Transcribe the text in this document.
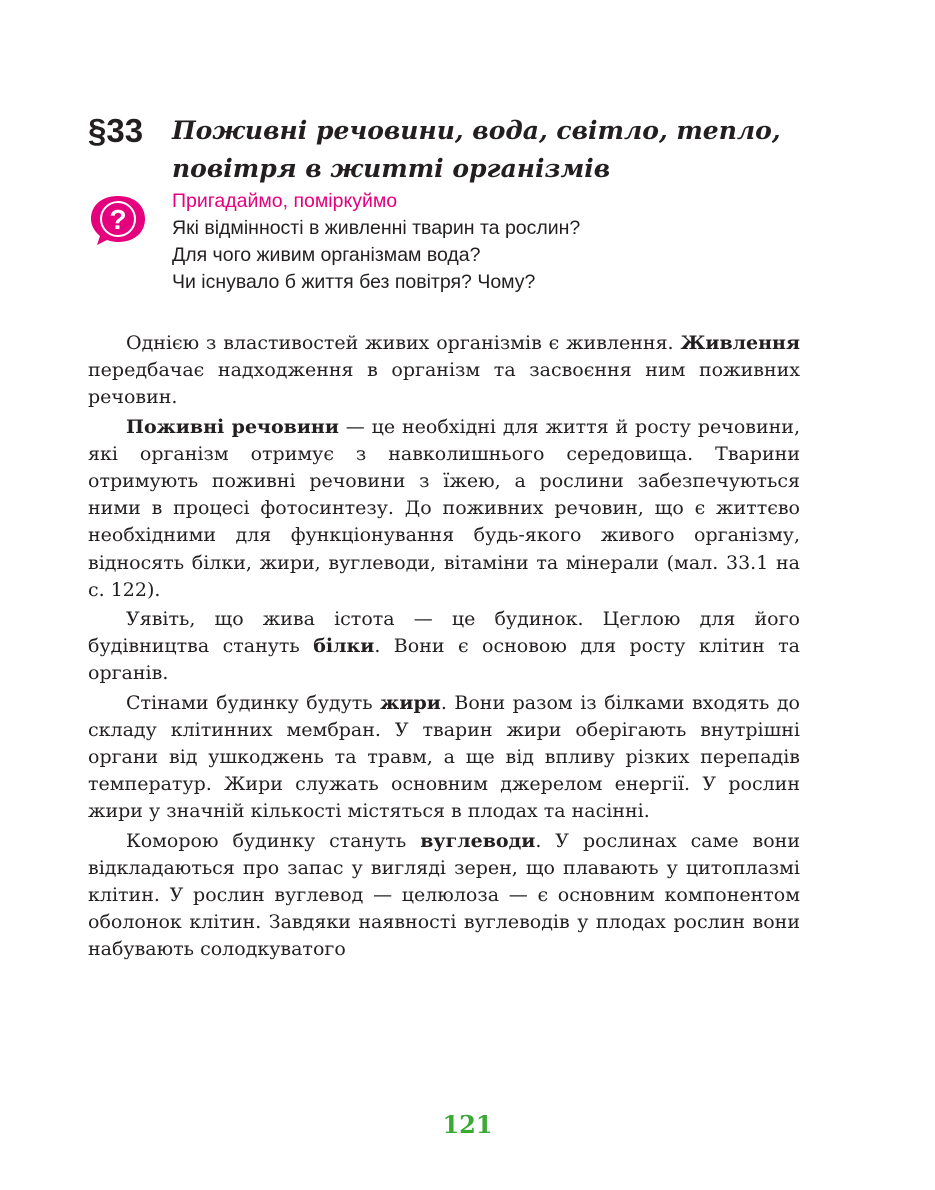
§33 Поживні речовини, вода, світло, тепло,
повітря в житті організмів
?
Пригадаймо, поміркуймо
Які відмінності в живленні тварин та рослин?
Для чого живим організмам вода?
Чи існувало б життя без повітря? Чому?

Однією з властивостей живих організмів є живлення. Живлення передбачає надходження в організм та засвоєння ним поживних речовин.

Поживні речовини — це необхідні для життя й росту речовини, які організм отримує з навколишнього середовища. Тварини отримують поживні речовини з їжею, а рослини забезпечуються ними в процесі фотосинтезу. До поживних речовин, що є життєво необхідними для функціонування будь-якого живого організму, відносять білки, жири, вуглеводи, вітаміни та мінерали (мал. 33.1 на с. 122).

Уявіть, що жива істота — це будинок. Цеглою для його будівництва стануть білки. Вони є основою для росту клітин та органів.

Стінами будинку будуть жири. Вони разом із білками входять до складу клітинних мембран. У тварин жири оберігають внутрішні органи від ушкоджень та травм, а ще від впливу різких перепадів температур. Жири служать основним джерелом енергії. У рослин жири у значній кількості містяться в плодах та насінні.

Коморою будинку стануть вуглеводи. У рослинах саме вони відкладаються про запас у вигляді зерен, що плавають у цитоплазмі клітин. У рослин вуглевод — целюлоза — є основним компонентом оболонок клітин. Завдяки наявності вуглеводів у плодах рослин вони набувають солодкуватого

121
